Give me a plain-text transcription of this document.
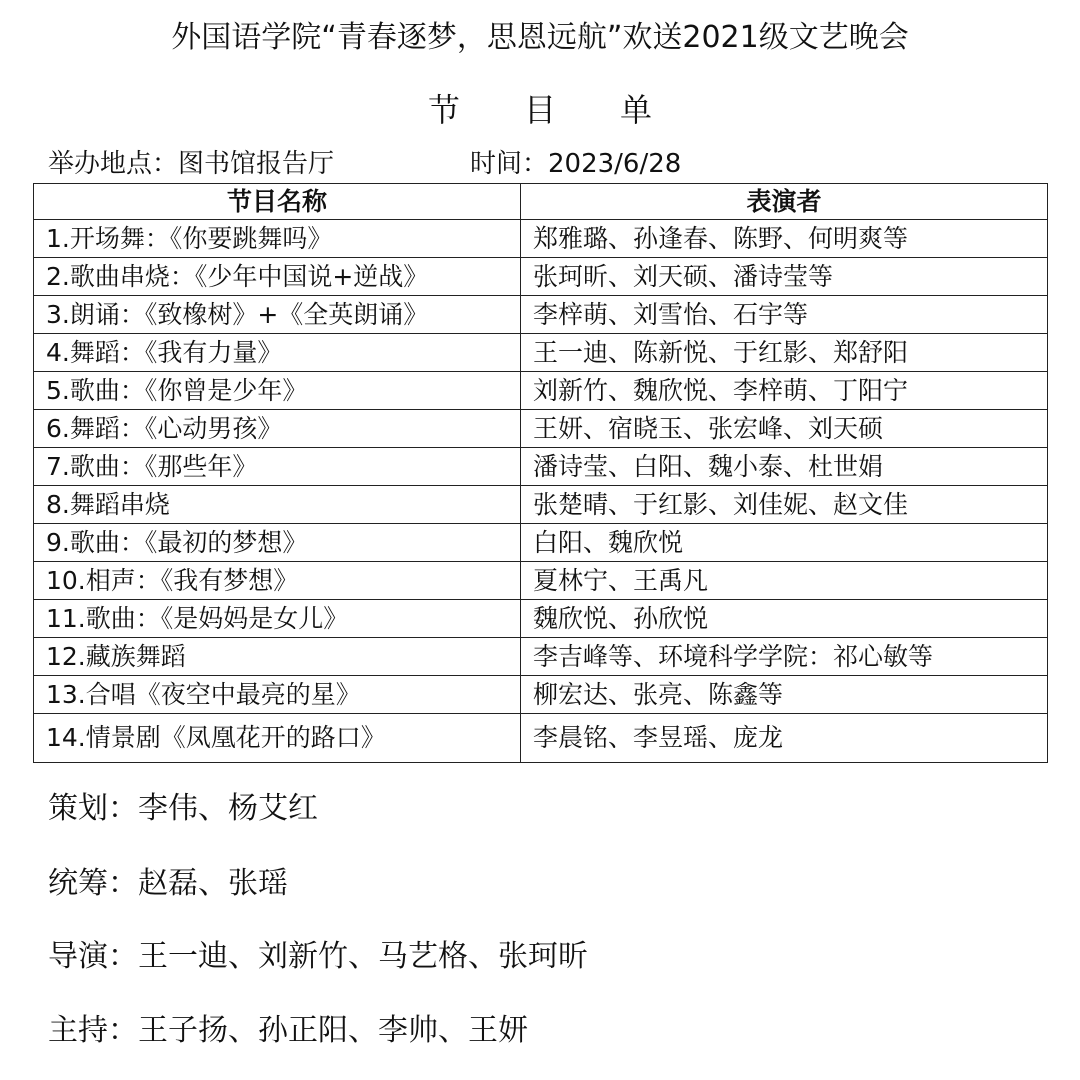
外国语学院“青春逐梦，思恩远航”欢送2021级文艺晚会
节目单
举办地点：图书馆报告厅	时间：2023/6/28
节目名称	表演者
1.开场舞：《你要跳舞吗》	郑雅璐、孙逢春、陈野、何明爽等
2.歌曲串烧：《少年中国说+逆战》	张珂昕、刘天硕、潘诗莹等
3.朗诵：《致橡树》+《全英朗诵》	李梓萌、刘雪怡、石宇等
4.舞蹈：《我有力量》	王一迪、陈新悦、于红影、郑舒阳
5.歌曲：《你曾是少年》	刘新竹、魏欣悦、李梓萌、丁阳宁
6.舞蹈：《心动男孩》	王妍、宿晓玉、张宏峰、刘天硕
7.歌曲：《那些年》	潘诗莹、白阳、魏小泰、杜世娟
8.舞蹈串烧	张楚晴、于红影、刘佳妮、赵文佳
9.歌曲：《最初的梦想》	白阳、魏欣悦
10.相声：《我有梦想》	夏林宁、王禹凡
11.歌曲：《是妈妈是女儿》	魏欣悦、孙欣悦
12.藏族舞蹈	李吉峰等、环境科学学院：祁心敏等
13.合唱《夜空中最亮的星》	柳宏达、张亮、陈鑫等
14.情景剧《凤凰花开的路口》	李晨铭、李昱瑶、庞龙
策划：李伟、杨艾红
统筹：赵磊、张瑶
导演：王一迪、刘新竹、马艺格、张珂昕
主持：王子扬、孙正阳、李帅、王妍
